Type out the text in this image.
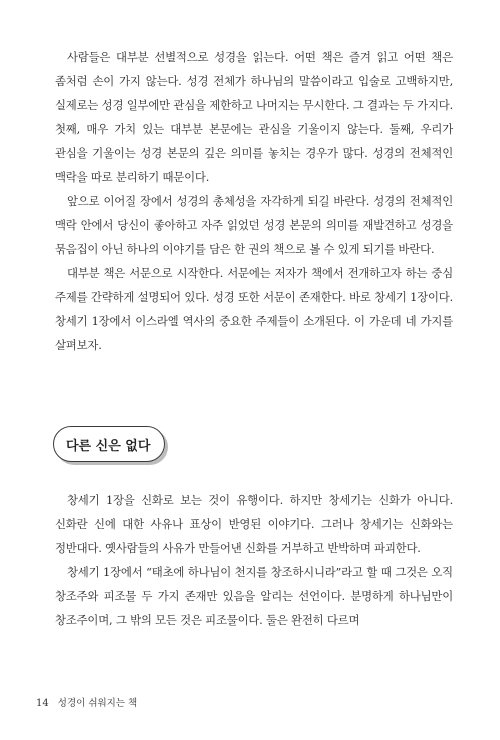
사람들은 대부분 선별적으로 성경을 읽는다. 어떤 책은 즐겨 읽고 어떤 책은 좀처럼 손이 가지 않는다. 성경 전체가 하나님의 말씀이라고 입술로 고백하지만, 실제로는 성경 일부에만 관심을 제한하고 나머지는 무시한다. 그 결과는 두 가지다. 첫째, 매우 가치 있는 대부분 본문에는 관심을 기울이지 않는다. 둘째, 우리가 관심을 기울이는 성경 본문의 깊은 의미를 놓치는 경우가 많다. 성경의 전체적인 맥락을 따로 분리하기 때문이다.

앞으로 이어질 장에서 성경의 총체성을 자각하게 되길 바란다. 성경의 전체적인 맥락 안에서 당신이 좋아하고 자주 읽었던 성경 본문의 의미를 재발견하고 성경을 묶음집이 아닌 하나의 이야기를 담은 한 권의 책으로 볼 수 있게 되기를 바란다.

대부분 책은 서문으로 시작한다. 서문에는 저자가 책에서 전개하고자 하는 중심 주제를 간략하게 설명되어 있다. 성경 또한 서문이 존재한다. 바로 창세기 1장이다. 창세기 1장에서 이스라엘 역사의 중요한 주제들이 소개된다. 이 가운데 네 가지를 살펴보자.

다른 신은 없다

창세기 1장을 신화로 보는 것이 유행이다. 하지만 창세기는 신화가 아니다. 신화란 신에 대한 사유나 표상이 반영된 이야기다. 그러나 창세기는 신화와는 정반대다. 옛사람들의 사유가 만들어낸 신화를 거부하고 반박하며 파괴한다.

창세기 1장에서 “태초에 하나님이 천지를 창조하시니라”라고 할 때 그것은 오직 창조주와 피조물 두 가지 존재만 있음을 알리는 선언이다. 분명하게 하나님만이 창조주이며, 그 밖의 모든 것은 피조물이다. 둘은 완전히 다르며

14 성경이 쉬워지는 책
